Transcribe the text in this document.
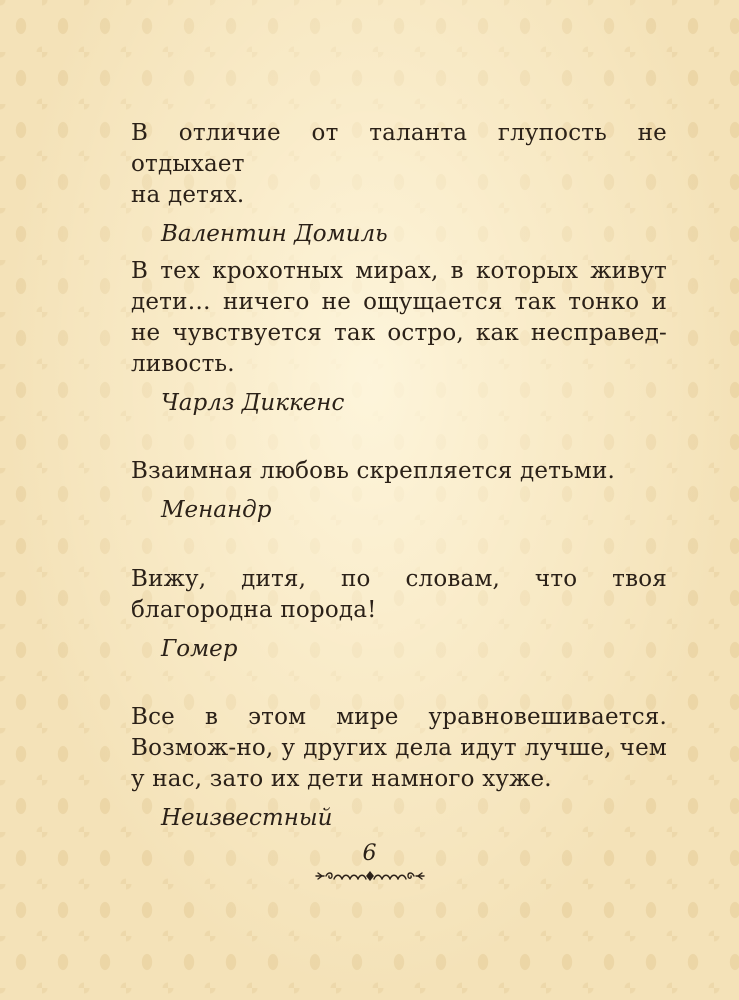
В отличие от таланта глупость не отдыхает
на детях.

Валентин Домиль

В тех крохотных мирах, в которых живут дети… ничего не ощущается так тонко и не чувствуется так остро, как несправед-ливость.

Чарлз Диккенс

Взаимная любовь скрепляется детьми.

Менандр

Вижу, дитя, по словам, что твоя благородна порода!

Гомер

Все в этом мире уравновешивается. Возмож-но, у других дела идут лучше, чем у нас, зато их дети намного хуже.

Неизвестный
6
